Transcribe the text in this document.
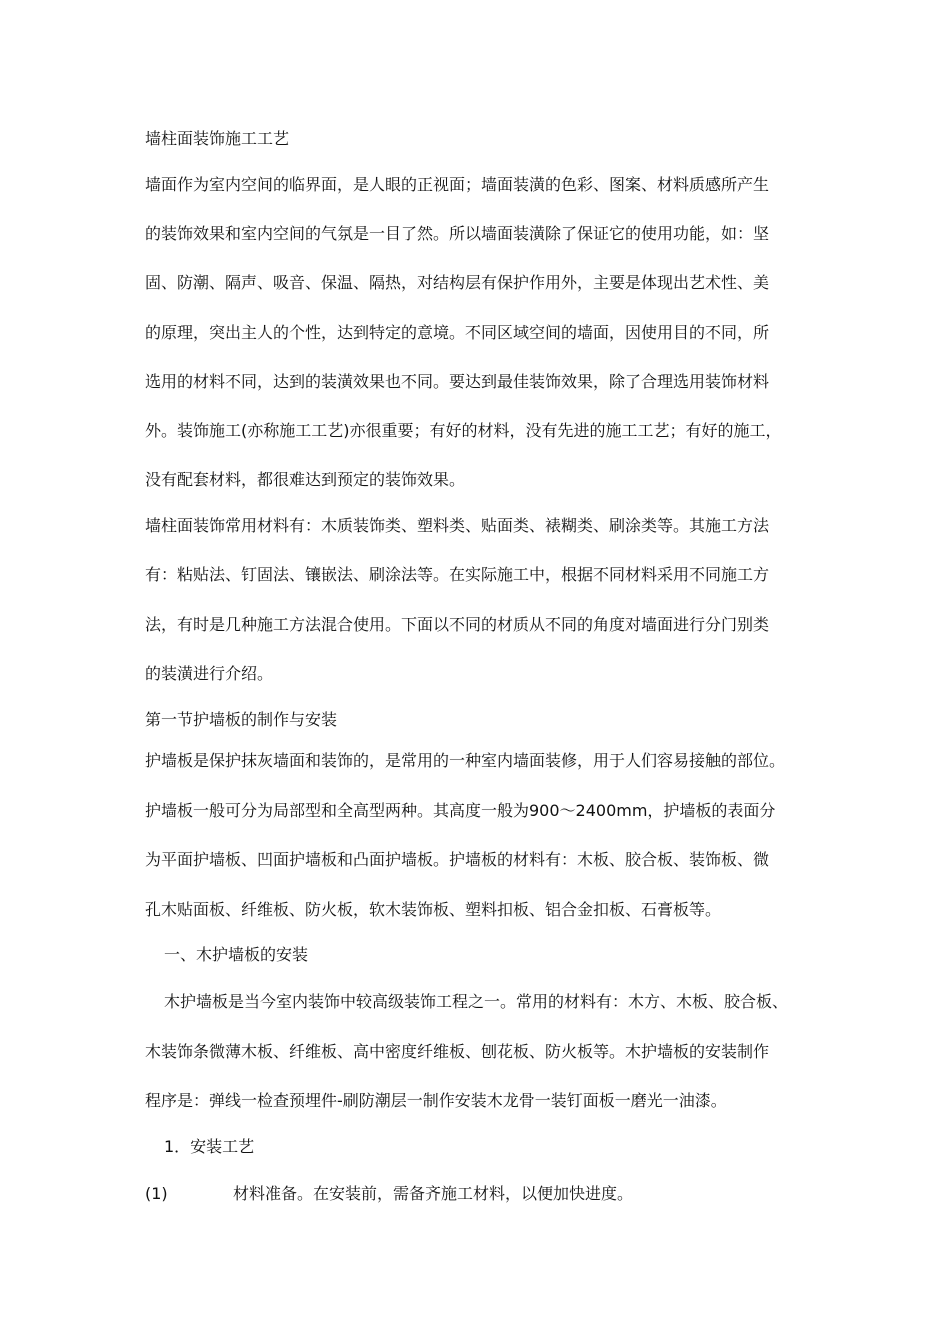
墙柱面装饰施工工艺
墙面作为室内空间的临界面，是人眼的正视面；墙面装潢的色彩、图案、材料质感所产生
的装饰效果和室内空间的气氛是一目了然。所以墙面装潢除了保证它的使用功能，如：坚
固、防潮、隔声、吸音、保温、隔热，对结构层有保护作用外，主要是体现出艺术性、美
的原理，突出主人的个性，达到特定的意境。不同区域空间的墙面，因使用目的不同，所
选用的材料不同，达到的装潢效果也不同。要达到最佳装饰效果，除了合理选用装饰材料
外。装饰施工(亦称施工工艺)亦很重要；有好的材料，没有先进的施工工艺；有好的施工，
没有配套材料，都很难达到预定的装饰效果。
墙柱面装饰常用材料有：木质装饰类、塑料类、贴面类、裱糊类、刷涂类等。其施工方法
有：粘贴法、钉固法、镶嵌法、刷涂法等。在实际施工中，根据不同材料采用不同施工方
法，有时是几种施工方法混合使用。下面以不同的材质从不同的角度对墙面进行分门别类
的装潢进行介绍。
第一节护墙板的制作与安装
护墙板是保护抹灰墙面和装饰的，是常用的一种室内墙面装修，用于人们容易接触的部位。
护墙板一般可分为局部型和全高型两种。其高度一般为900～2400mm，护墙板的表面分
为平面护墙板、凹面护墙板和凸面护墙板。护墙板的材料有：木板、胶合板、装饰板、微
孔木贴面板、纤维板、防火板，软木装饰板、塑料扣板、铝合金扣板、石膏板等。
一、木护墙板的安装
木护墙板是当今室内装饰中较高级装饰工程之一。常用的材料有：木方、木板、胶合板、
木装饰条微薄木板、纤维板、高中密度纤维板、刨花板、防火板等。木护墙板的安装制作
程序是：弹线一检查预埋件-刷防潮层一制作安装木龙骨一装钉面板一磨光一油漆。
1．安装工艺
(1)	材料准备。在安装前，需备齐施工材料，以便加快进度。
